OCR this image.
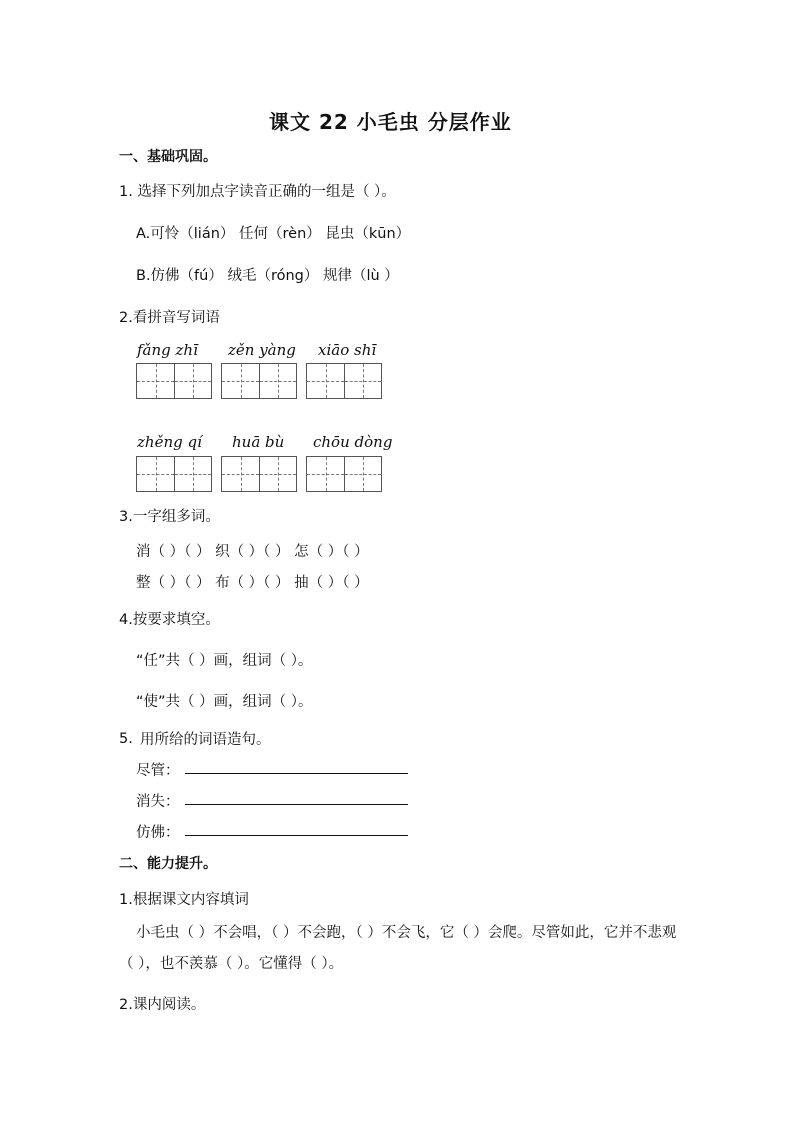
课文 22 小毛虫 分层作业
一、基础巩固。
1. 选择下列加点字读音正确的一组是（ ）。
A.可怜（lián） 任何（rèn） 昆虫（kūn）
B.仿佛（fú） 绒毛（róng） 规律（lù ）
2.看拼音写词语
fǎng zhī zěn yàng xiāo shī
zhěng qí huā bù chōu dòng
3.一字组多词。
消（ ）（ ） 织（ ）（ ） 怎（ ）（ ）
整（ ）（ ） 布（ ）（ ） 抽（ ）（ ）
4.按要求填空。
“任”共（ ）画，组词（ ）。
“使”共（ ）画，组词（ ）。
5. 用所给的词语造句。
尽管：
消失：
仿佛：
二、能力提升。
1.根据课文内容填词
小毛虫（ ）不会唱，（ ）不会跑，（ ）不会飞，它（ ）会爬。尽管如此，它并不悲观（ ），也不羡慕（ ）。它懂得（ ）。
2.课内阅读。
